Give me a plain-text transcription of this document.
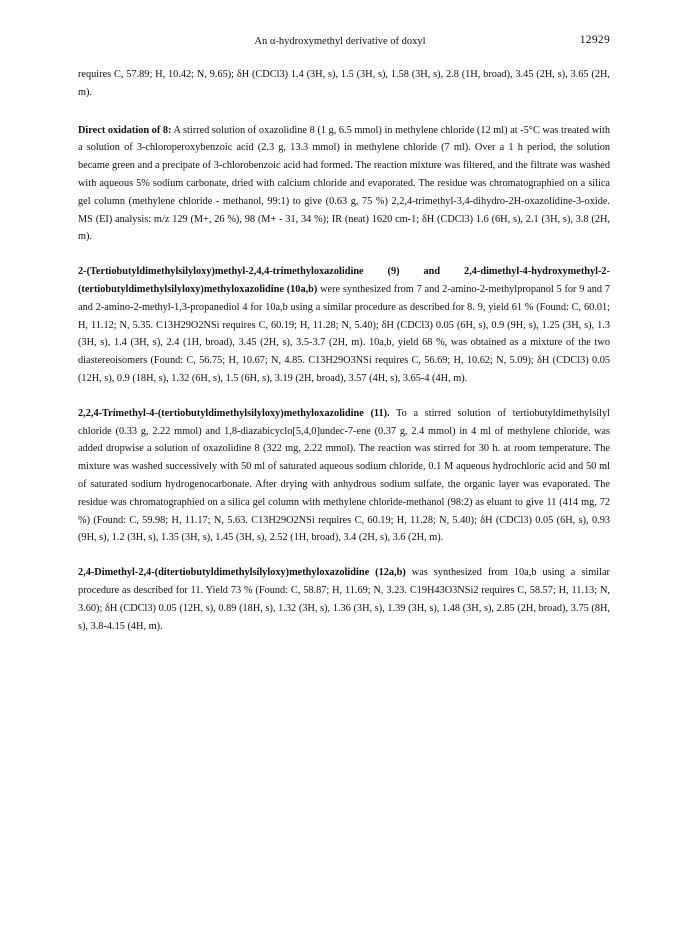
An α-hydroxymethyl derivative of doxyl	12929

requires C, 57.89; H, 10.42; N, 9.65); δH (CDCl3) 1.4 (3H, s), 1.5 (3H, s), 1.58 (3H, s), 2.8 (1H, broad), 3.45 (2H, s), 3.65 (2H, m).

Direct oxidation of 8: A stirred solution of oxazolidine 8 (1 g, 6.5 mmol) in methylene chloride (12 ml) at -5°C was treated with a solution of 3-chloroperoxybenzoic acid (2.3 g, 13.3 mmol) in methylene chloride (7 ml). Over a 1 h period, the solution became green and a precipate of 3-chlorobenzoic acid had formed. The reaction mixture was filtered, and the filtrate was washed with aqueous 5% sodium carbonate, dried with calcium chloride and evaporated. The residue was chromatographied on a silica gel column (methylene chloride - methanol, 99:1) to give (0.63 g, 75 %) 2,2,4-trimethyl-3,4-dihydro-2H-oxazolidine-3-oxide. MS (EI) analysis: m/z 129 (M+, 26 %), 98 (M+ - 31, 34 %); IR (neat) 1620 cm-1; δH (CDCl3) 1.6 (6H, s), 2.1 (3H, s), 3.8 (2H, m).

2-(Tertiobutyldimethylsilyloxy)methyl-2,4,4-trimethyloxazolidine (9) and 2,4-dimethyl-4-hydroxymethyl-2-(tertiobutyldimethylsilyloxy)methyloxazolidine (10a,b) were synthesized from 7 and 2-amino-2-methylpropanol 5 for 9 and 7 and 2-amino-2-methyl-1,3-propanediol 4 for 10a,b using a similar procedure as described for 8. 9, yield 61 % (Found: C, 60.01; H, 11.12; N, 5.35. C13H29O2NSi requires C, 60.19; H, 11.28; N, 5.40); δH (CDCl3) 0.05 (6H, s), 0.9 (9H, s), 1.25 (3H, s), 1.3 (3H, s), 1.4 (3H, s), 2.4 (1H, broad), 3.45 (2H, s), 3.5-3.7 (2H, m). 10a,b, yield 68 %, was obtained as a mixture of the two diastereoisomers (Found: C, 56.75; H, 10.67; N, 4.85. C13H29O3NSi requires C, 56.69; H, 10.62; N, 5.09); δH (CDCl3) 0.05 (12H, s), 0.9 (18H, s), 1.32 (6H, s), 1.5 (6H, s), 3.19 (2H, broad), 3.57 (4H, s), 3.65-4 (4H, m).

2,2,4-Trimethyl-4-(tertiobutyldimethylsilyloxy)methyloxazolidine (11). To a stirred solution of tertiobutyldimethylsilyl chloride (0.33 g, 2.22 mmol) and 1,8-diazabicyclo[5,4,0]undec-7-ene (0.37 g, 2.4 mmol) in 4 ml of methylene chloride, was added dropwise a solution of oxazolidine 8 (322 mg, 2.22 mmol). The reaction was stirred for 30 h. at room temperature. The mixture was washed successively with 50 ml of saturated aqueous sodium chloride, 0.1 M aqueous hydrochloric acid and 50 ml of saturated sodium hydrogenocarbonate. After drying with anhydrous sodium sulfate, the organic layer was evaporated. The residue was chromatographied on a silica gel column with methylene chloride-methanol (98:2) as eluant to give 11 (414 mg, 72 %) (Found: C, 59.98; H, 11.17; N, 5.63. C13H29O2NSi requires C, 60.19; H, 11.28; N, 5.40); δH (CDCl3) 0.05 (6H, s), 0.93 (9H, s), 1.2 (3H, s), 1.35 (3H, s), 1.45 (3H, s), 2.52 (1H, broad), 3.4 (2H, s), 3.6 (2H, m).

2,4-Dimethyl-2,4-(ditertiobutyldimethylsilyloxy)methyloxazolidine (12a,b) was synthesized from 10a,b using a similar procedure as described for 11. Yield 73 % (Found: C, 58.87; H, 11.69; N, 3.23. C19H43O3NSi2 requires C, 58.57; H, 11.13; N, 3.60); δH (CDCl3) 0.05 (12H, s), 0.89 (18H, s), 1.32 (3H, s), 1.36 (3H, s), 1.39 (3H, s), 1.48 (3H, s), 2.85 (2H, broad), 3.75 (8H, s), 3.8-4.15 (4H, m).
